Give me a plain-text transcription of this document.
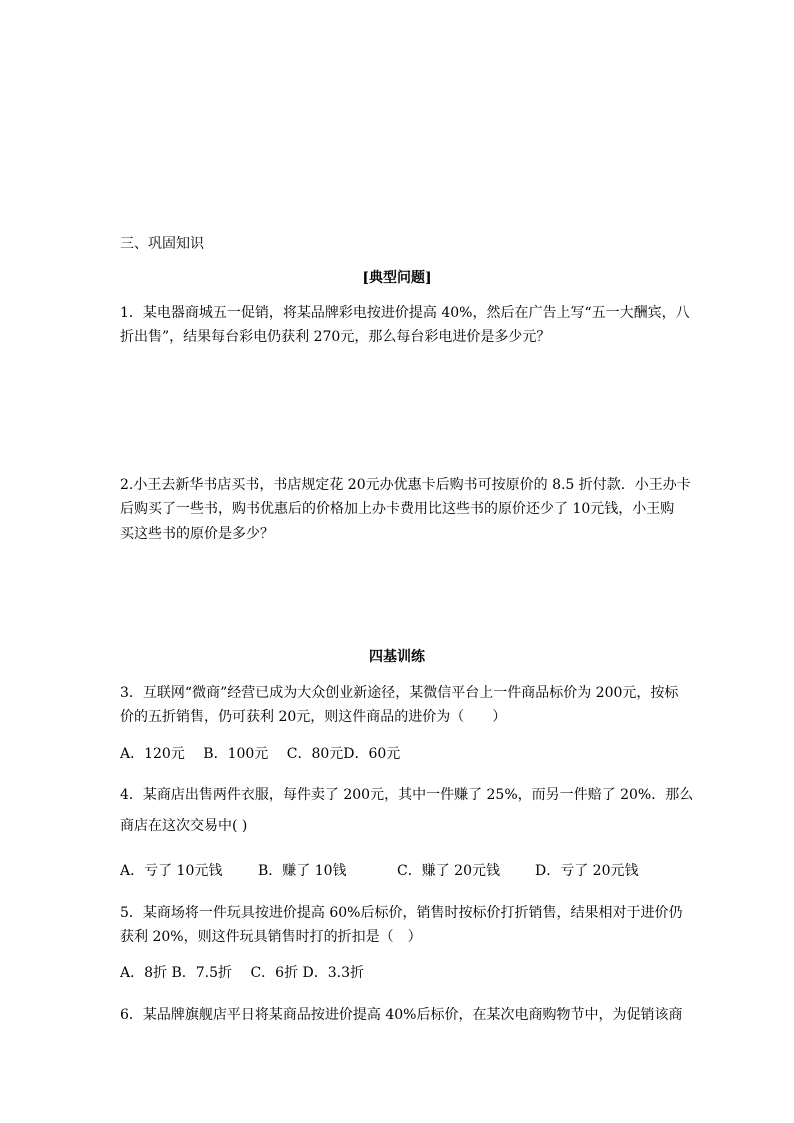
三、巩固知识
[典型问题]
1．某电器商城五一促销，将某品牌彩电按进价提高 40%，然后在广告上写“五一大酬宾，八
折出售”，结果每台彩电仍获利 270元，那么每台彩电进价是多少元？
2.小王去新华书店买书，书店规定花 20元办优惠卡后购书可按原价的 8.5 折付款．小王办卡
后购买了一些书，购书优惠后的价格加上办卡费用比这些书的原价还少了 10元钱，小王购
买这些书的原价是多少？
四基训练
3．互联网“微商”经营已成为大众创业新途径，某微信平台上一件商品标价为 200元，按标
价的五折销售，仍可获利 20元，则这件商品的进价为（　　）
A．120元　 B．100元　 C．80元D．60元
4．某商店出售两件衣服，每件卖了 200元，其中一件赚了 25%，而另一件赔了 20%．那么
商店在这次交易中( )
A．亏了 10元钱	B．赚了 10钱	C．赚了 20元钱	D．亏了 20元钱
5．某商场将一件玩具按进价提高 60%后标价，销售时按标价打折销售，结果相对于进价仍
获利 20%，则这件玩具销售时打的折扣是（　）
A．8折 B．7.5折　 C．6折 D．3.3折
6．某品牌旗舰店平日将某商品按进价提高 40%后标价，在某次电商购物节中，为促销该商
